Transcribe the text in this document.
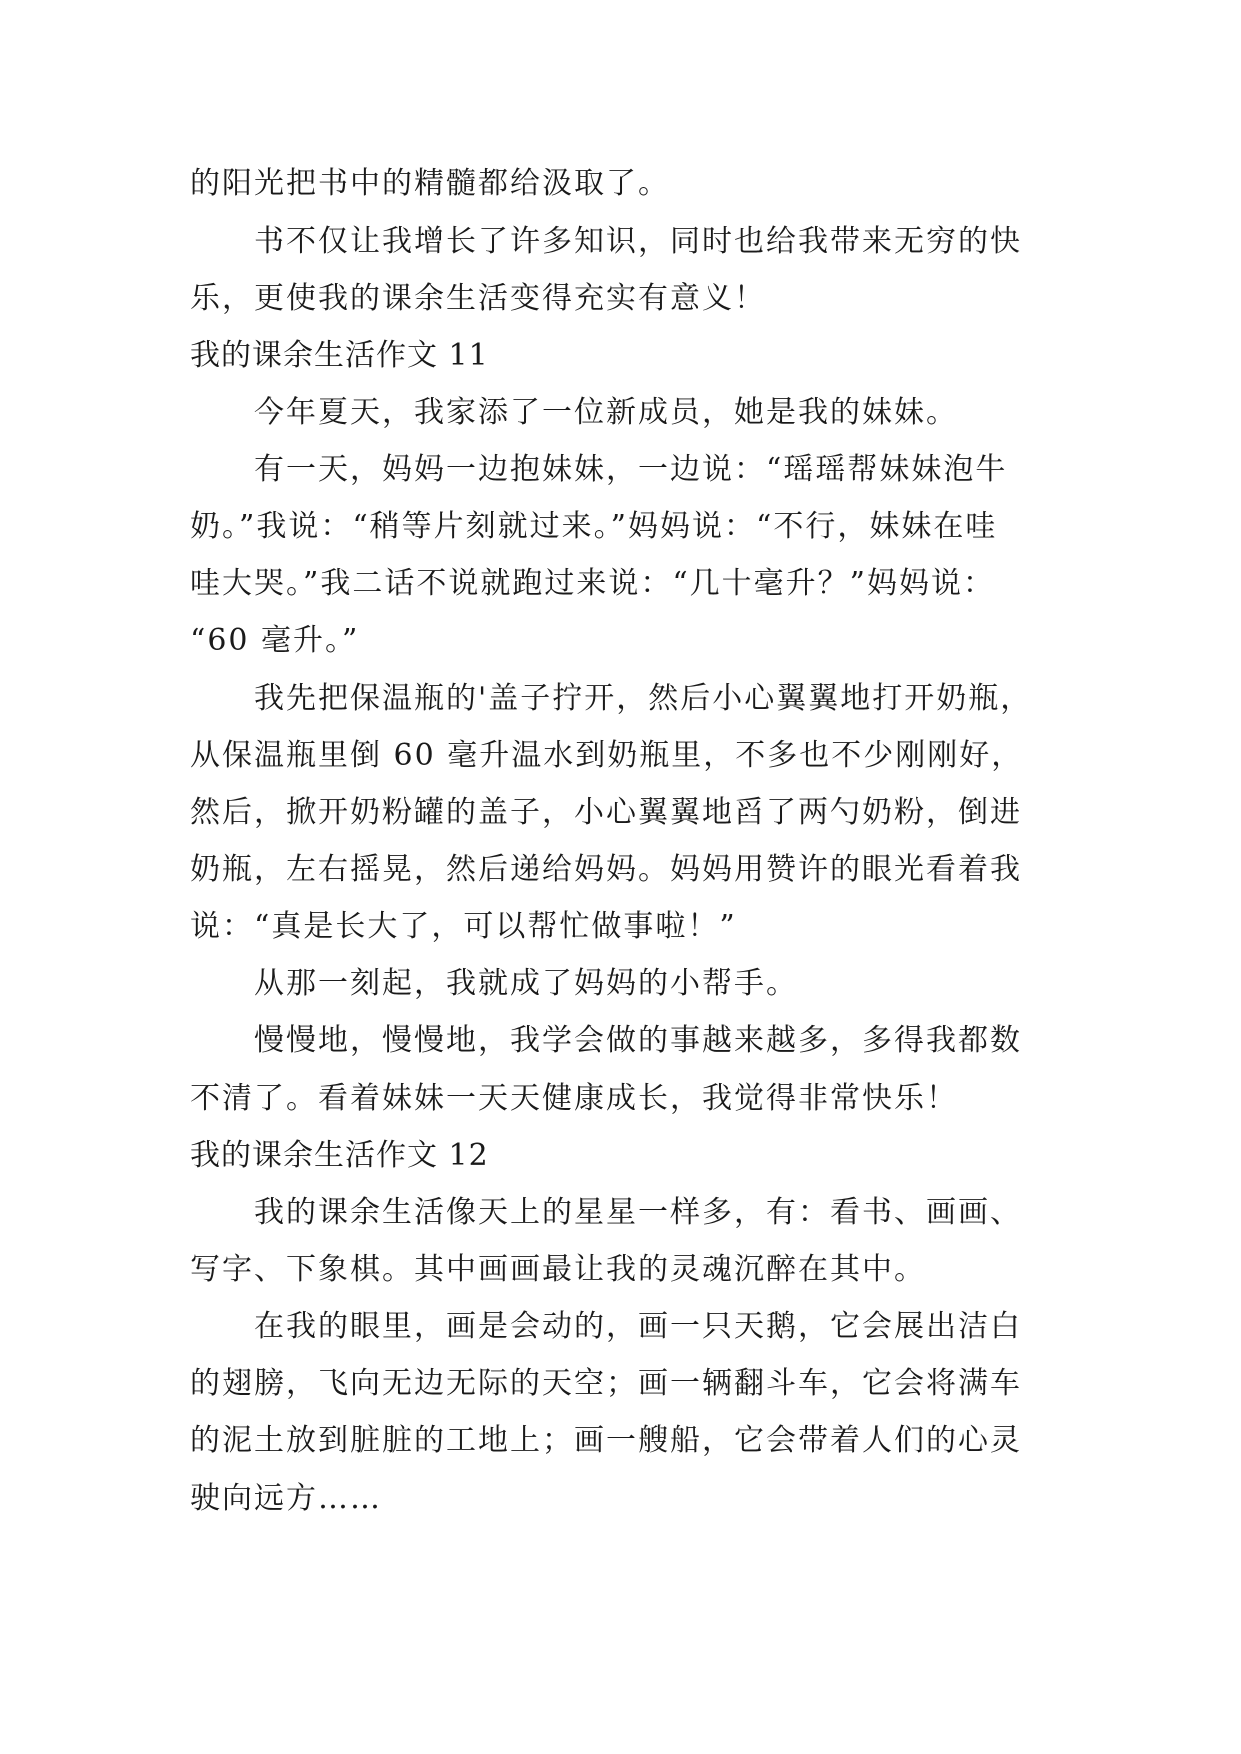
的阳光把书中的精髓都给汲取了。
书不仅让我增长了许多知识，同时也给我带来无穷的快
乐，更使我的课余生活变得充实有意义！
我的课余生活作文 11
今年夏天，我家添了一位新成员，她是我的妹妹。
有一天，妈妈一边抱妹妹，一边说：“瑶瑶帮妹妹泡牛
奶。”我说：“稍等片刻就过来。”妈妈说：“不行，妹妹在哇
哇大哭。”我二话不说就跑过来说：“几十毫升？”妈妈说：
“60 毫升。”
我先把保温瓶的'盖子拧开，然后小心翼翼地打开奶瓶，
从保温瓶里倒 60 毫升温水到奶瓶里，不多也不少刚刚好，
然后，掀开奶粉罐的盖子，小心翼翼地舀了两勺奶粉，倒进
奶瓶，左右摇晃，然后递给妈妈。妈妈用赞许的眼光看着我
说：“真是长大了，可以帮忙做事啦！”
从那一刻起，我就成了妈妈的小帮手。
慢慢地，慢慢地，我学会做的事越来越多，多得我都数
不清了。看着妹妹一天天健康成长，我觉得非常快乐！
我的课余生活作文 12
我的课余生活像天上的星星一样多，有：看书、画画、
写字、下象棋。其中画画最让我的灵魂沉醉在其中。
在我的眼里，画是会动的，画一只天鹅，它会展出洁白
的翅膀，飞向无边无际的天空；画一辆翻斗车，它会将满车
的泥土放到脏脏的工地上；画一艘船，它会带着人们的心灵
驶向远方……
